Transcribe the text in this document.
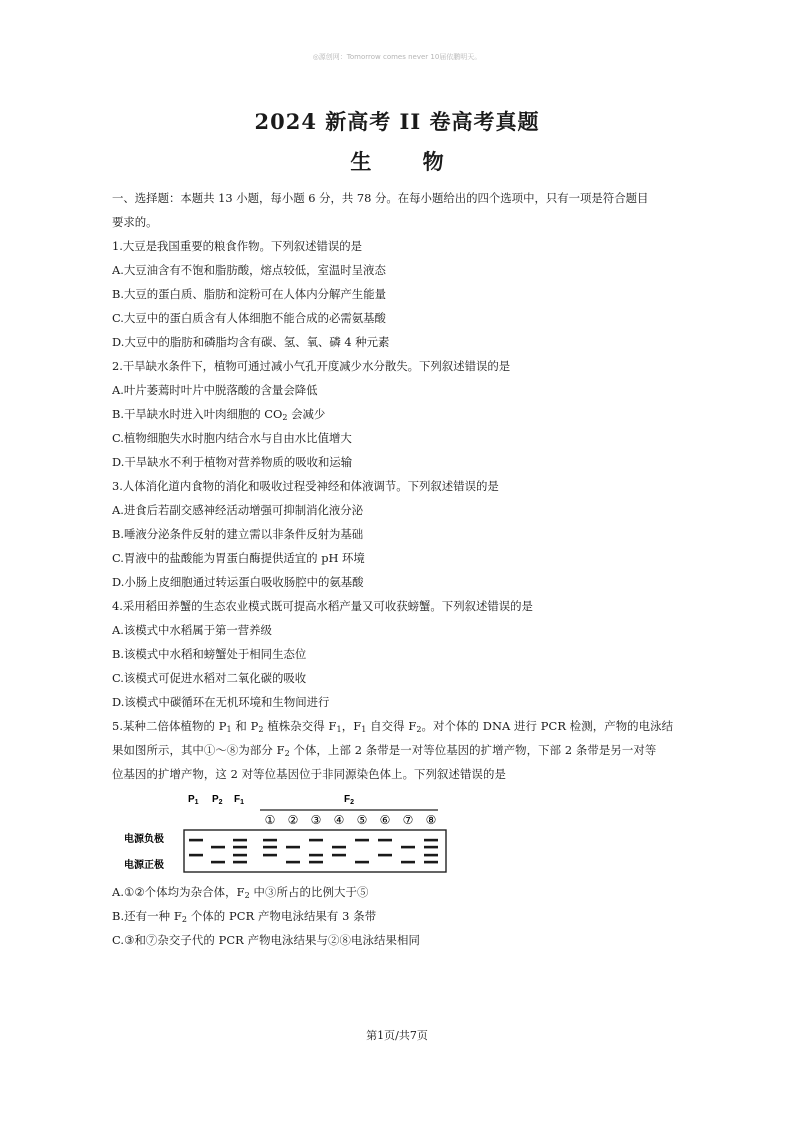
◎源创网：Tomorrow comes never 10届依鹏明天。
2024 新高考 II 卷高考真题
生 物
一、选择题：本题共 13 小题，每小题 6 分，共 78 分。在每小题给出的四个选项中，只有一项是符合题目
要求的。
1.大豆是我国重要的粮食作物。下列叙述错误的是
A.大豆油含有不饱和脂肪酸，熔点较低，室温时呈液态
B.大豆的蛋白质、脂肪和淀粉可在人体内分解产生能量
C.大豆中的蛋白质含有人体细胞不能合成的必需氨基酸
D.大豆中的脂肪和磷脂均含有碳、氢、氧、磷 4 种元素
2.干旱缺水条件下，植物可通过减小气孔开度减少水分散失。下列叙述错误的是
A.叶片萎蔫时叶片中脱落酸的含量会降低
B.干旱缺水时进入叶肉细胞的 $CO_2$ 会减少
C.植物细胞失水时胞内结合水与自由水比值增大
D.干旱缺水不利于植物对营养物质的吸收和运输
3.人体消化道内食物的消化和吸收过程受神经和体液调节。下列叙述错误的是
A.进食后若副交感神经活动增强可抑制消化液分泌
B.唾液分泌条件反射的建立需以非条件反射为基础
C.胃液中的盐酸能为胃蛋白酶提供适宜的 pH 环境
D.小肠上皮细胞通过转运蛋白吸收肠腔中的氨基酸
4.采用稻田养蟹的生态农业模式既可提高水稻产量又可收获螃蟹。下列叙述错误的是
A.该模式中水稻属于第一营养级
B.该模式中水稻和螃蟹处于相同生态位
C.该模式可促进水稻对二氧化碳的吸收
D.该模式中碳循环在无机环境和生物间进行
5.某种二倍体植物的 $P_1$ 和 $P_2$ 植株杂交得 $F_1$，$F_1$ 自交得 $F_2$。对个体的 DNA 进行 PCR 检测，产物的电泳结
果如图所示，其中①～⑧为部分 $F_2$ 个体，上部 2 条带是一对等位基因的扩增产物，下部 2 条带是另一对等
位基因的扩增产物，这 2 对等位基因位于非同源染色体上。下列叙述错误的是
$P_1$ $P_2$ $F_1$	$F_2$
① ② ③ ④ ⑤ ⑥ ⑦ ⑧
电源负极
电源正极
A.①②个体均为杂合体，$F_2$ 中③所占的比例大于⑤
B.还有一种 $F_2$ 个体的 PCR 产物电泳结果有 3 条带
C.③和⑦杂交子代的 PCR 产物电泳结果与②⑧电泳结果相同
第1页/共7页
